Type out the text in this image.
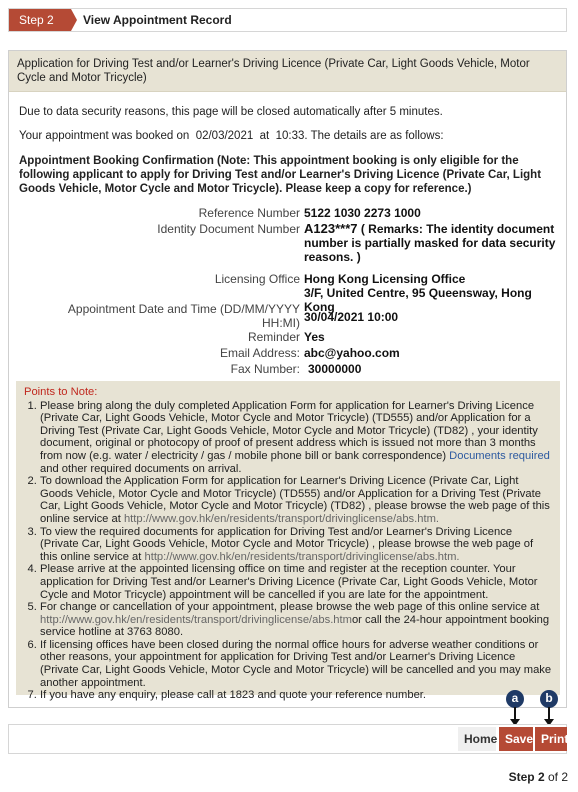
Step 2	View Appointment Record
Application for Driving Test and/or Learner's Driving Licence (Private Car, Light Goods Vehicle, Motor Cycle and Motor Tricycle)
Due to data security reasons, this page will be closed automatically after 5 minutes.
Your appointment was booked on 02/03/2021 at 10:33. The details are as follows:
Appointment Booking Confirmation (Note: This appointment booking is only eligible for the following applicant to apply for Driving Test and/or Learner's Driving Licence (Private Car, Light Goods Vehicle, Motor Cycle and Motor Tricycle). Please keep a copy for reference.)
Reference Number 5122 1030 2273 1000
Identity Document Number A123***7 ( Remarks: The identity document number is partially masked for data security reasons. )
Licensing Office Hong Kong Licensing Office
3/F, United Centre, 95 Queensway, Hong Kong
Appointment Date and Time (DD/MM/YYYY HH:MI) 30/04/2021 10:00
Reminder Yes
Email Address: abc@yahoo.com
Fax Number: 30000000
Points to Note:
1. Please bring along the duly completed Application Form for application for Learner's Driving Licence (Private Car, Light Goods Vehicle, Motor Cycle and Motor Tricycle) (TD555) and/or Application for a Driving Test (Private Car, Light Goods Vehicle, Motor Cycle and Motor Tricycle) (TD82) , your identity document, original or photocopy of proof of present address which is issued not more than 3 months from now (e.g. water / electricity / gas / mobile phone bill or bank correspondence) Documents required and other required documents on arrival.
2. To download the Application Form for application for Learner's Driving Licence (Private Car, Light Goods Vehicle, Motor Cycle and Motor Tricycle) (TD555) and/or Application for a Driving Test (Private Car, Light Goods Vehicle, Motor Cycle and Motor Tricycle) (TD82) , please browse the web page of this online service at http://www.gov.hk/en/residents/transport/drivinglicense/abs.htm.
3. To view the required documents for application for Driving Test and/or Learner's Driving Licence (Private Car, Light Goods Vehicle, Motor Cycle and Motor Tricycle) , please browse the web page of this online service at http://www.gov.hk/en/residents/transport/drivinglicense/abs.htm.
4. Please arrive at the appointed licensing office on time and register at the reception counter. Your application for Driving Test and/or Learner's Driving Licence (Private Car, Light Goods Vehicle, Motor Cycle and Motor Tricycle) appointment will be cancelled if you are late for the appointment.
5. For change or cancellation of your appointment, please browse the web page of this online service at http://www.gov.hk/en/residents/transport/drivinglicense/abs.htmor call the 24-hour appointment booking service hotline at 3763 8080.
6. If licensing offices have been closed during the normal office hours for adverse weather conditions or other reasons, your appointment for application for Driving Test and/or Learner's Driving Licence (Private Car, Light Goods Vehicle, Motor Cycle and Motor Tricycle) will be cancelled and you may make another appointment.
7. If you have any enquiry, please call at 1823 and quote your reference number.	a	b
Home Save Print
Step 2 of 2
